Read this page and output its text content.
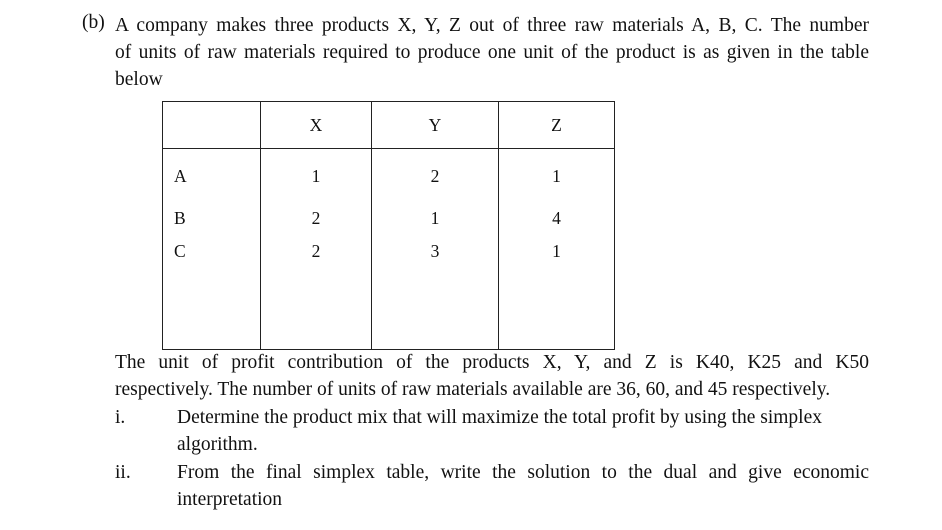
(b) A company makes three products X, Y, Z out of three raw materials A, B, C. The number
of units of raw materials required to produce one unit of the product is as given in the table
below
	X	Y	Z
A	1	2	1
B	2	1	4
C	2	3	1

The unit of profit contribution of the products X, Y, and Z is K40, K25 and K50
respectively. The number of units of raw materials available are 36, 60, and 45 respectively.
i.	Determine the product mix that will maximize the total profit by using the simplex
algorithm.
ii. From the final simplex table, write the solution to the dual and give economic
interpretation
